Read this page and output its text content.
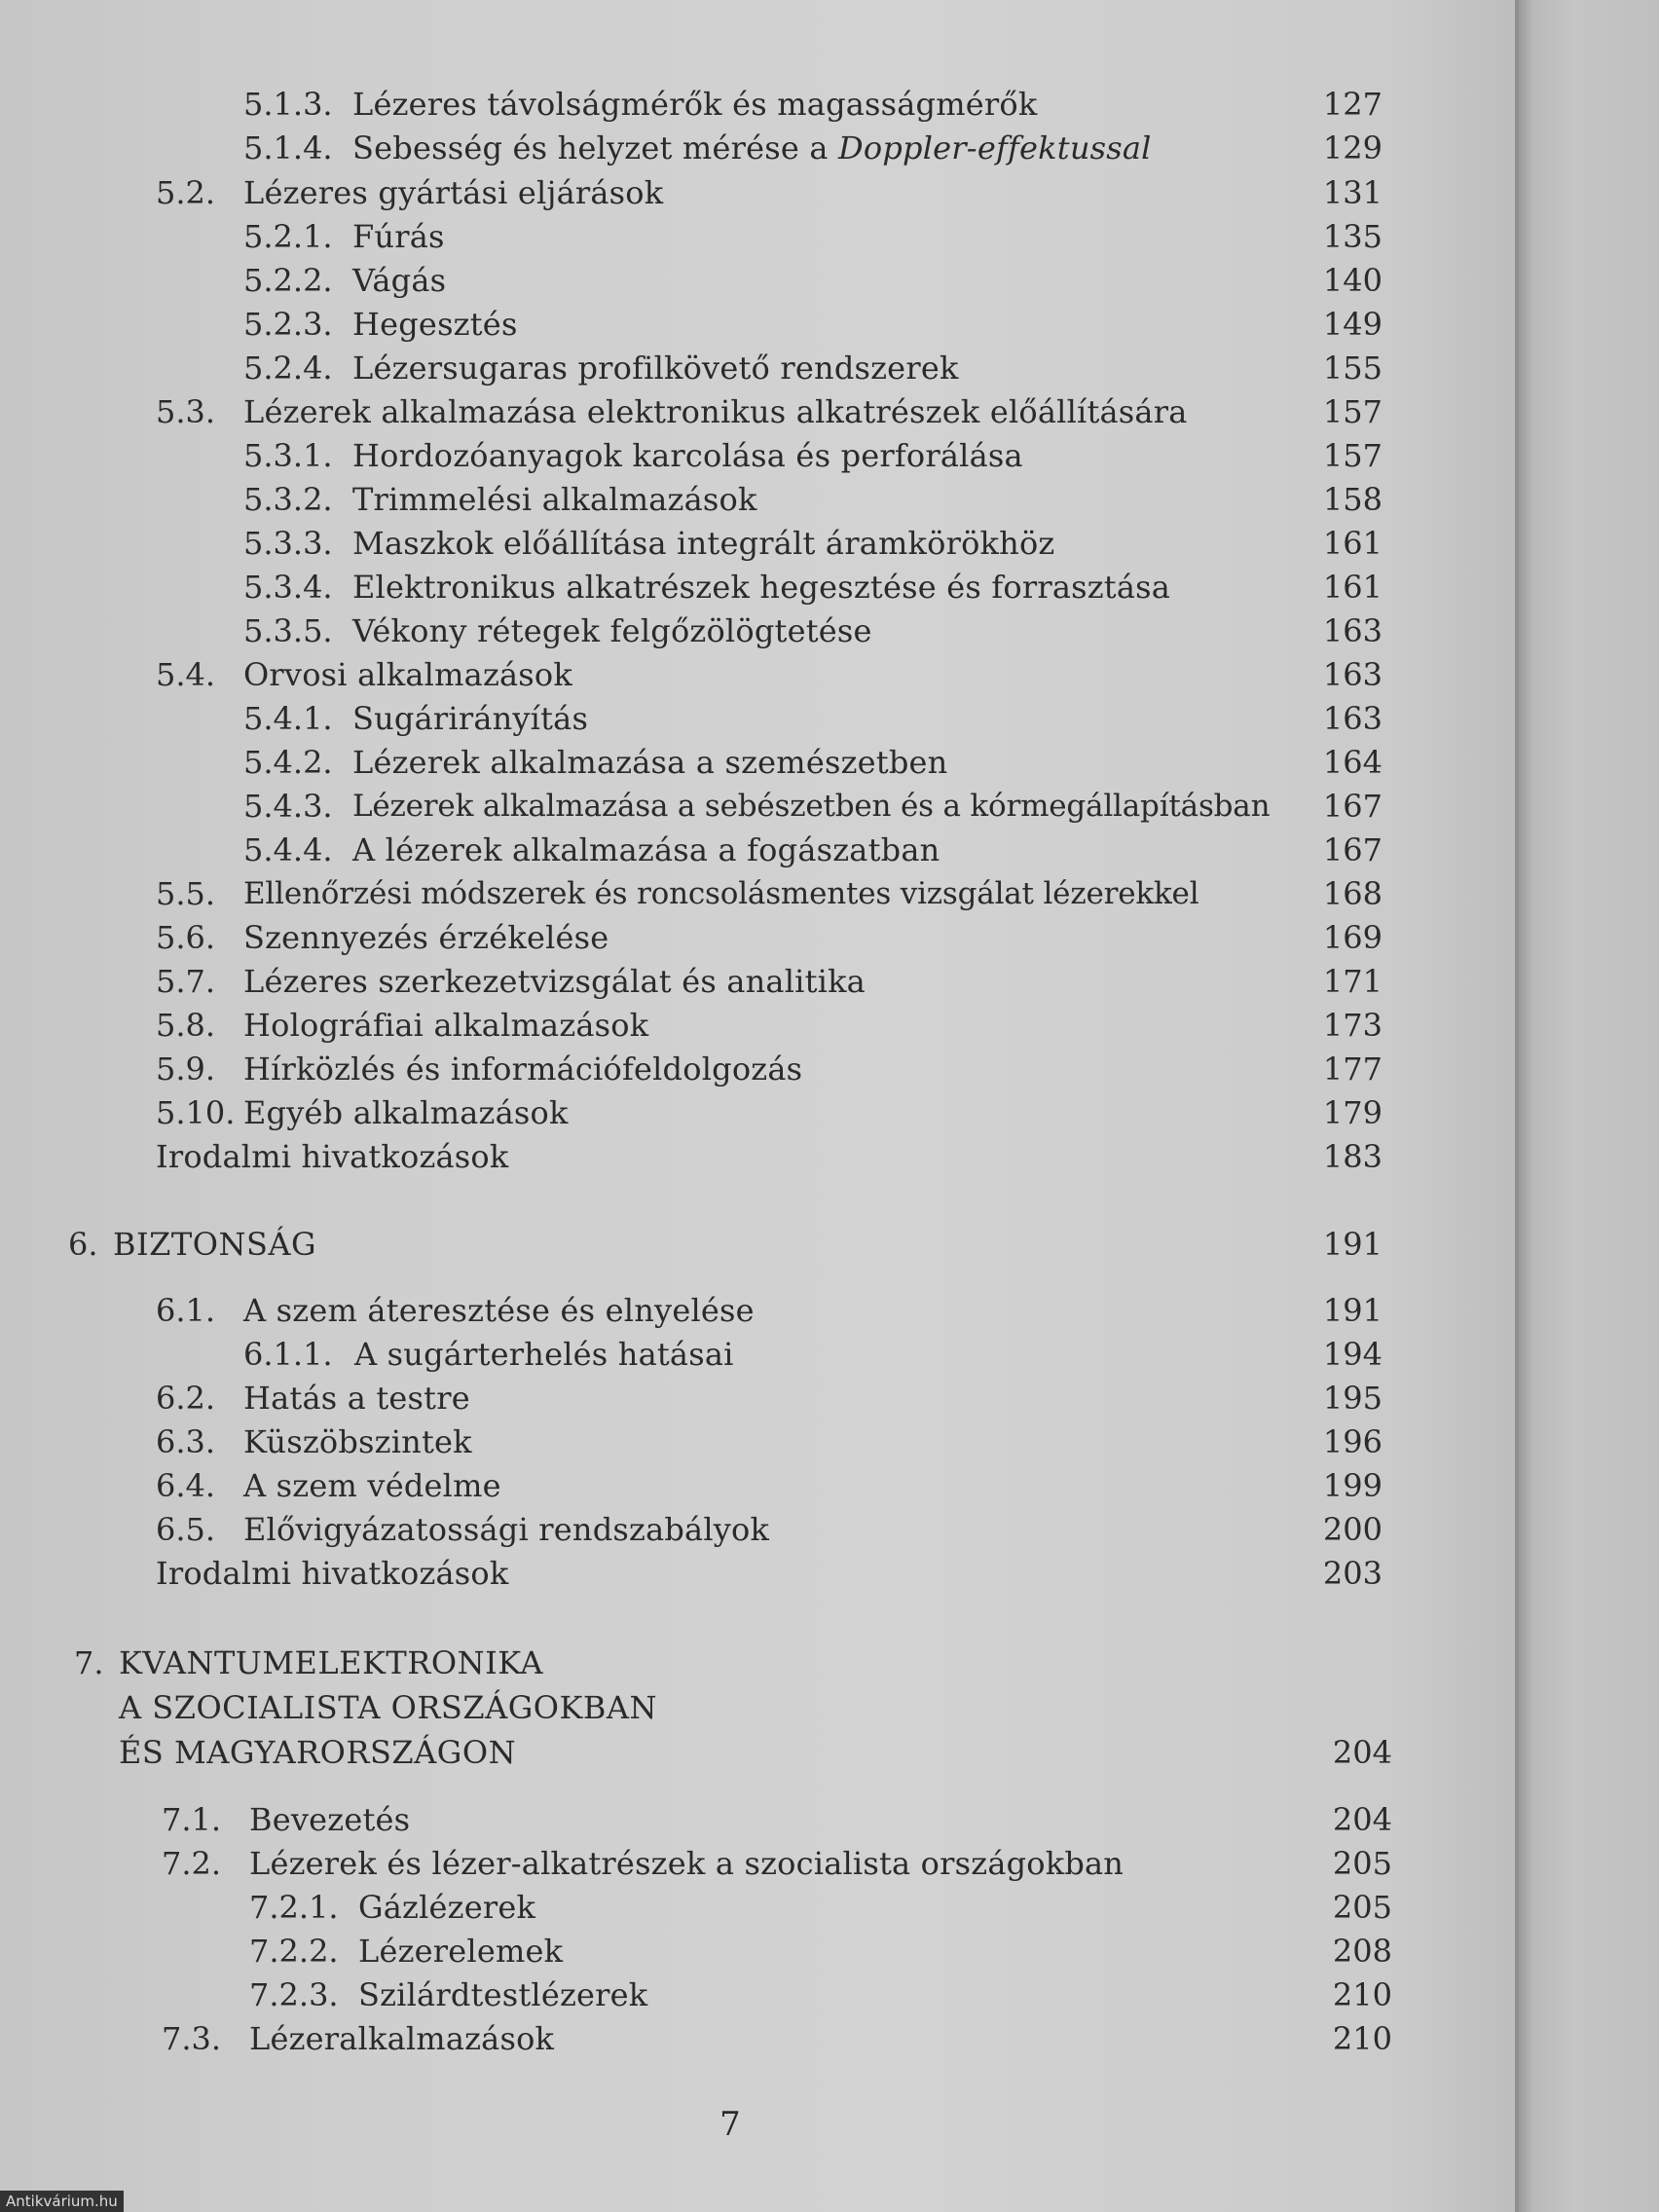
5.1.3. Lézeres távolságmérők és magasságmérők	127
5.1.4. Sebesség és helyzet mérése a Doppler-effektussal	129
5.2. Lézeres gyártási eljárások	131
5.2.1. Fúrás	135
5.2.2. Vágás	140
5.2.3. Hegesztés	149
5.2.4. Lézersugaras profilkövető rendszerek	155
5.3. Lézerek alkalmazása elektronikus alkatrészek előállítására	157
5.3.1. Hordozóanyagok karcolása és perforálása	157
5.3.2. Trimmelési alkalmazások	158
5.3.3. Maszkok előállítása integrált áramkörökhöz	161
5.3.4. Elektronikus alkatrészek hegesztése és forrasztása	161
5.3.5. Vékony rétegek felgőzölögtetése	163
5.4. Orvosi alkalmazások	163
5.4.1. Sugárirányítás	163
5.4.2. Lézerek alkalmazása a szemészetben	164
5.4.3. Lézerek alkalmazása a sebészetben és a kórmegállapításban	167
5.4.4. A lézerek alkalmazása a fogászatban	167
5.5. Ellenőrzési módszerek és roncsolásmentes vizsgálat lézerekkel	168
5.6. Szennyezés érzékelése	169
5.7. Lézeres szerkezetvizsgálat és analitika	171
5.8. Holográfiai alkalmazások	173
5.9. Hírközlés és információfeldolgozás	177
5.10. Egyéb alkalmazások	179
Irodalmi hivatkozások	183
6. BIZTONSÁG	191
6.1. A szem áteresztése és elnyelése	191
6.1.1. A sugárterhelés hatásai	194
6.2. Hatás a testre	195
6.3. Küszöbszintek	196
6.4. A szem védelme	199
6.5. Elővigyázatossági rendszabályok	200
Irodalmi hivatkozások	203
7. KVANTUMELEKTRONIKA
A SZOCIALISTA ORSZÁGOKBAN
ÉS MAGYARORSZÁGON	204
7.1. Bevezetés	204
7.2. Lézerek és lézer-alkatrészek a szocialista országokban	205
7.2.1. Gázlézerek	205
7.2.2. Lézerelemek	208
7.2.3. Szilárdtestlézerek	210
7.3. Lézeralkalmazások	210
7
Antikvárium.hu
